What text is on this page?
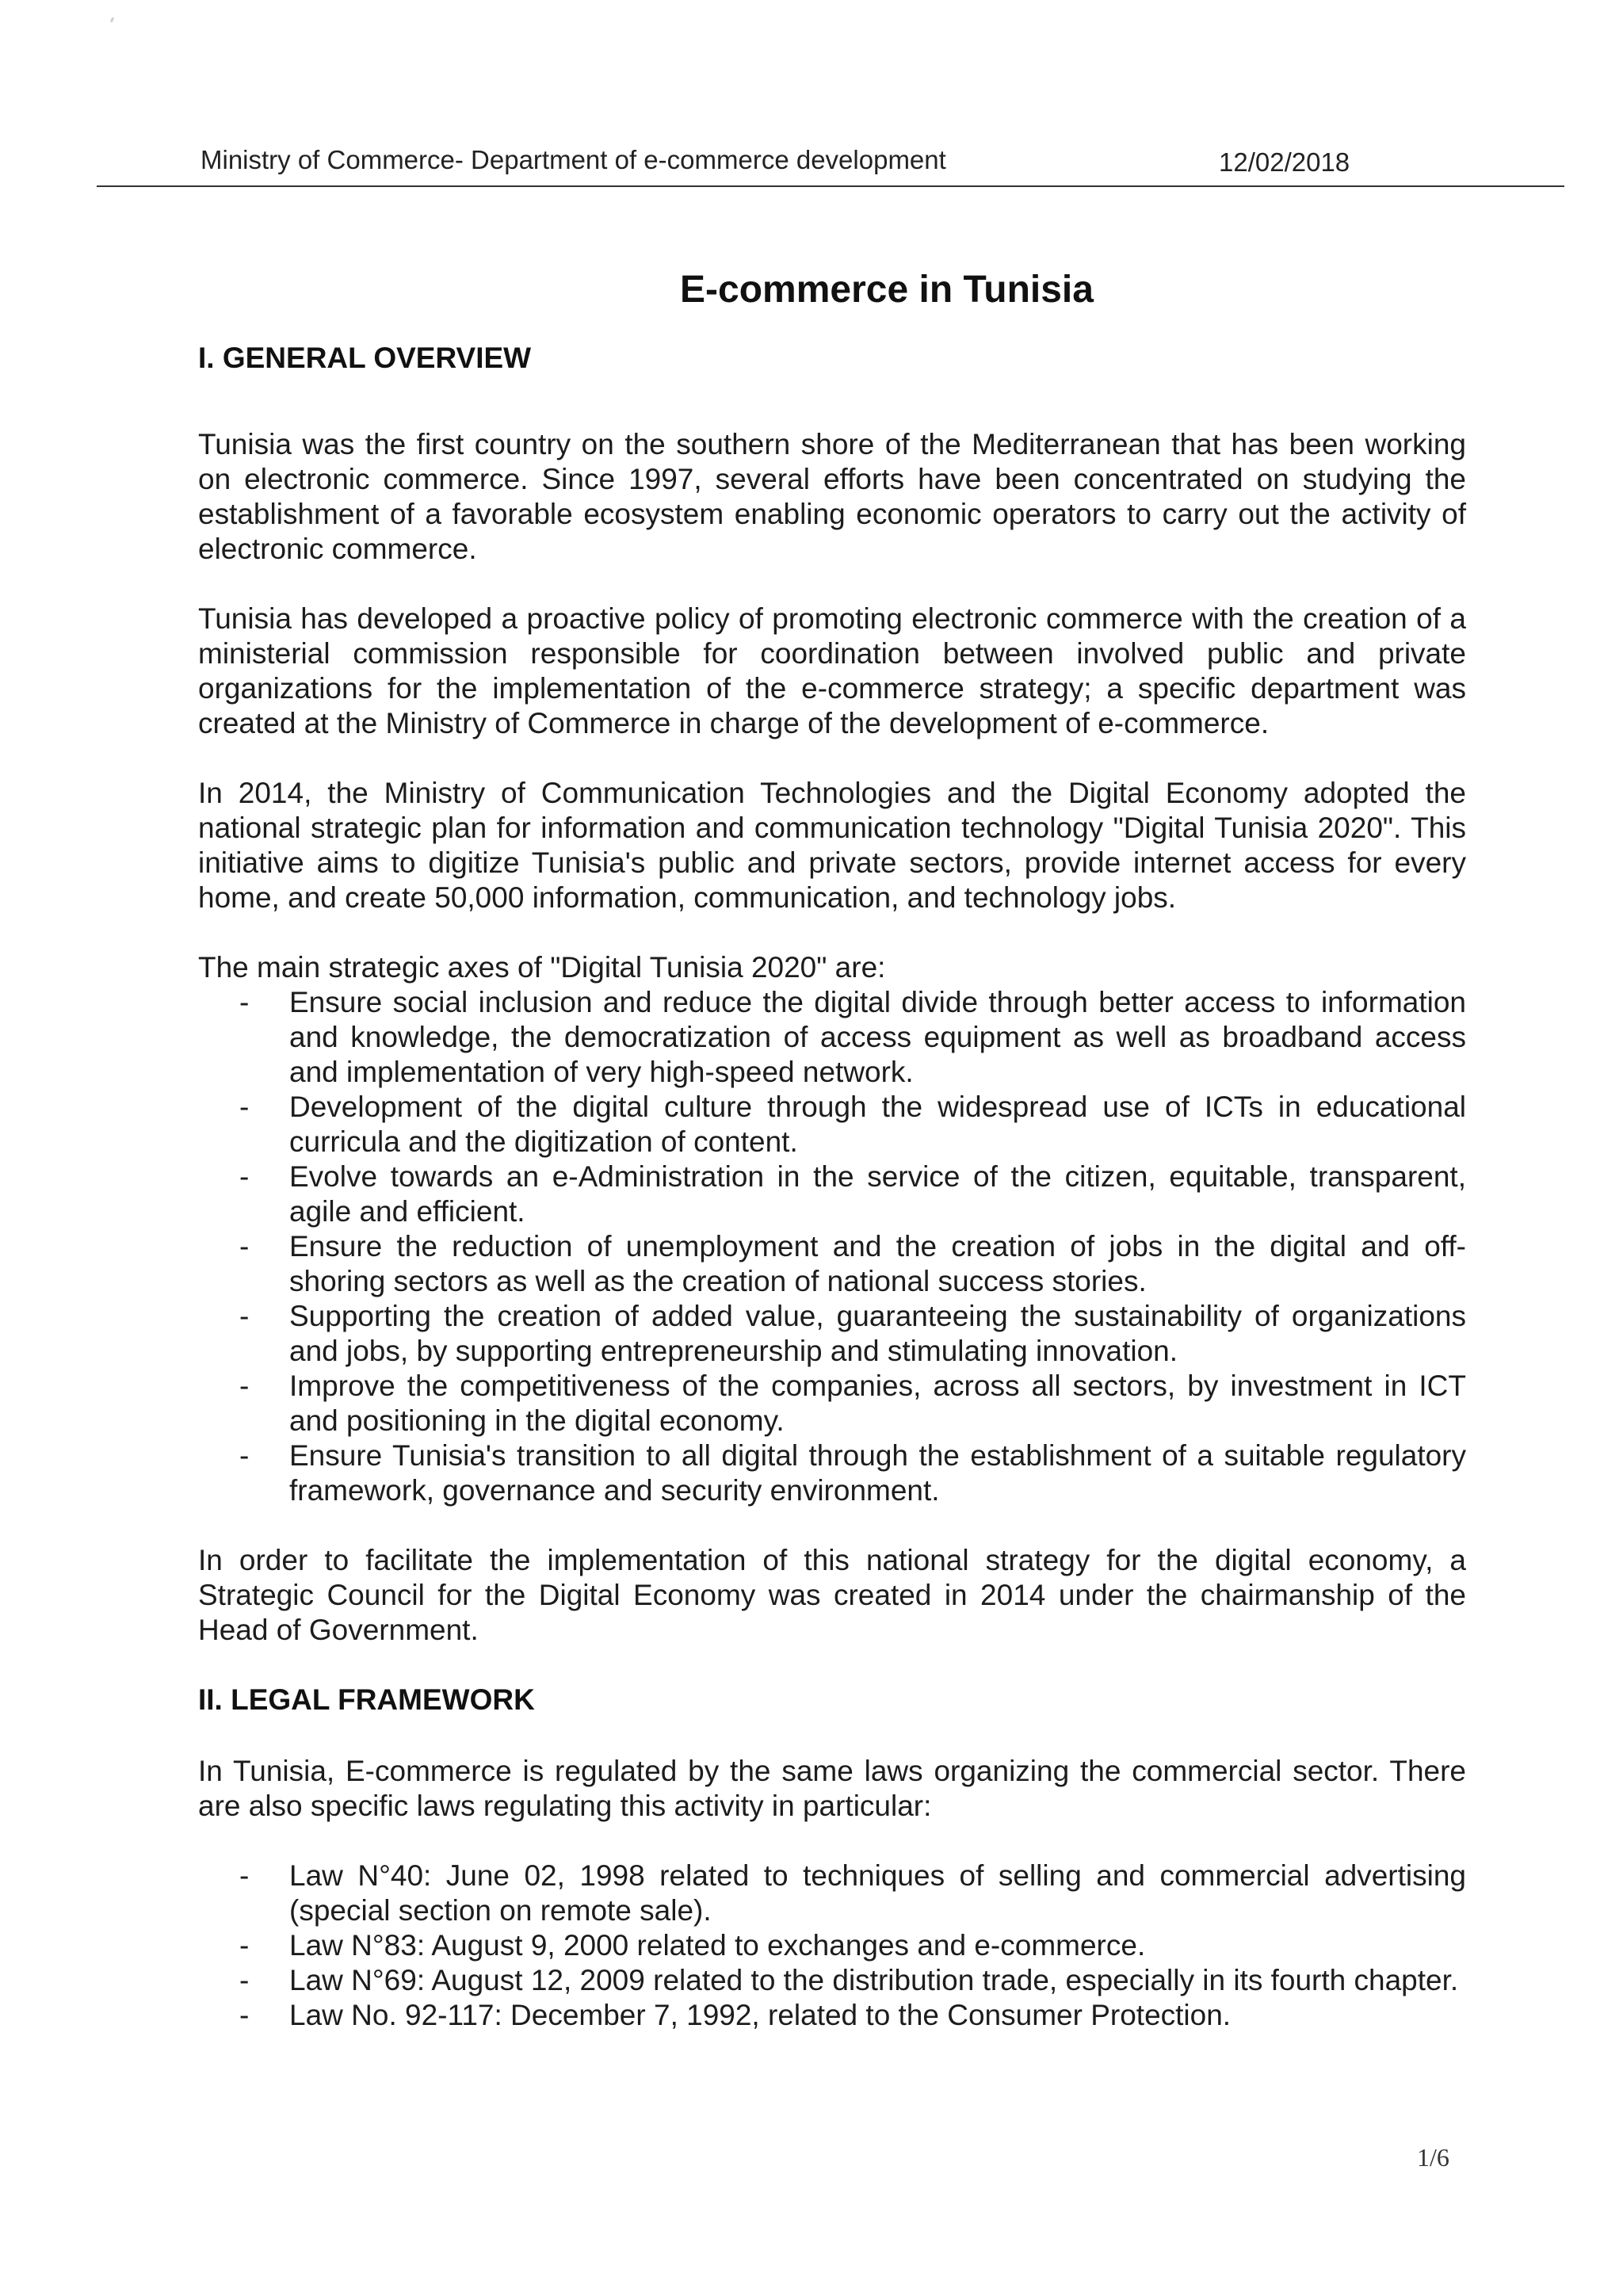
Ministry of Commerce- Department of e-commerce development	12/02/2018
E-commerce in Tunisia
I. GENERAL OVERVIEW

Tunisia was the first country on the southern shore of the Mediterranean that has been working on electronic commerce. Since 1997, several efforts have been concentrated on studying the establishment of a favorable ecosystem enabling economic operators to carry out the activity of electronic commerce.

Tunisia has developed a proactive policy of promoting electronic commerce with the creation of a ministerial commission responsible for coordination between involved public and private organizations for the implementation of the e-commerce strategy; a specific department was created at the Ministry of Commerce in charge of the development of e-commerce.

In 2014, the Ministry of Communication Technologies and the Digital Economy adopted the national strategic plan for information and communication technology "Digital Tunisia 2020". This initiative aims to digitize Tunisia's public and private sectors, provide internet access for every home, and create 50,000 information, communication, and technology jobs.

The main strategic axes of "Digital Tunisia 2020" are:

- Ensure social inclusion and reduce the digital divide through better access to information and knowledge, the democratization of access equipment as well as broadband access and implementation of very high-speed network.
- Development of the digital culture through the widespread use of ICTs in educational curricula and the digitization of content.
- Evolve towards an e-Administration in the service of the citizen, equitable, transparent, agile and efficient.
- Ensure the reduction of unemployment and the creation of jobs in the digital and off-shoring sectors as well as the creation of national success stories.
- Supporting the creation of added value, guaranteeing the sustainability of organizations and jobs, by supporting entrepreneurship and stimulating innovation.
- Improve the competitiveness of the companies, across all sectors, by investment in ICT and positioning in the digital economy.
- Ensure Tunisia's transition to all digital through the establishment of a suitable regulatory framework, governance and security environment.

In order to facilitate the implementation of this national strategy for the digital economy, a Strategic Council for the Digital Economy was created in 2014 under the chairmanship of the Head of Government.

II. LEGAL FRAMEWORK

In Tunisia, E-commerce is regulated by the same laws organizing the commercial sector. There are also specific laws regulating this activity in particular:

- Law N°40: June 02, 1998 related to techniques of selling and commercial advertising (special section on remote sale).
- Law N°83: August 9, 2000 related to exchanges and e-commerce.
- Law N°69: August 12, 2009 related to the distribution trade, especially in its fourth chapter.
- Law No. 92-117: December 7, 1992, related to the Consumer Protection.
1/6
